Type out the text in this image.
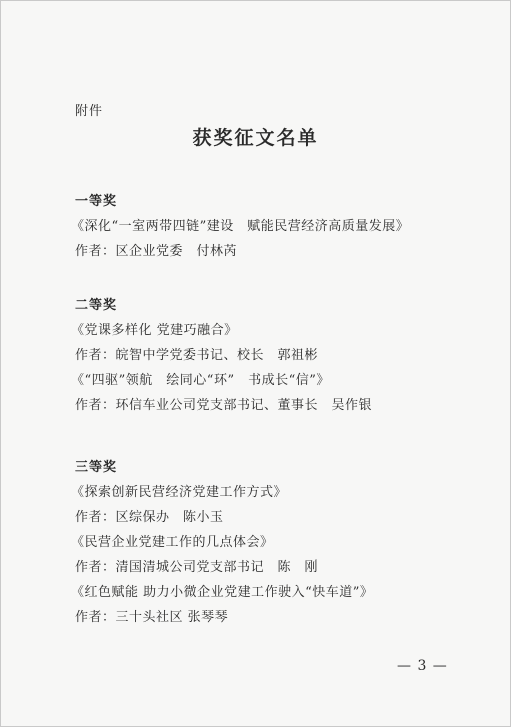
附件
获奖征文名单
一等奖
《深化“一室两带四链”建设　赋能民营经济高质量发展》
作者：区企业党委　付林芮
二等奖
《党课多样化 党建巧融合》
作者：皖智中学党委书记、校长　郭祖彬
《“四驱”领航　绘同心“环”　书成长“信”》
作者：环信车业公司党支部书记、董事长　吴作银
三等奖
《探索创新民营经济党建工作方式》
作者：区综保办　陈小玉
《民营企业党建工作的几点体会》
作者：清国清城公司党支部书记　陈　刚
《红色赋能 助力小微企业党建工作驶入“快车道”》
作者：三十头社区 张琴琴
— 3 —
